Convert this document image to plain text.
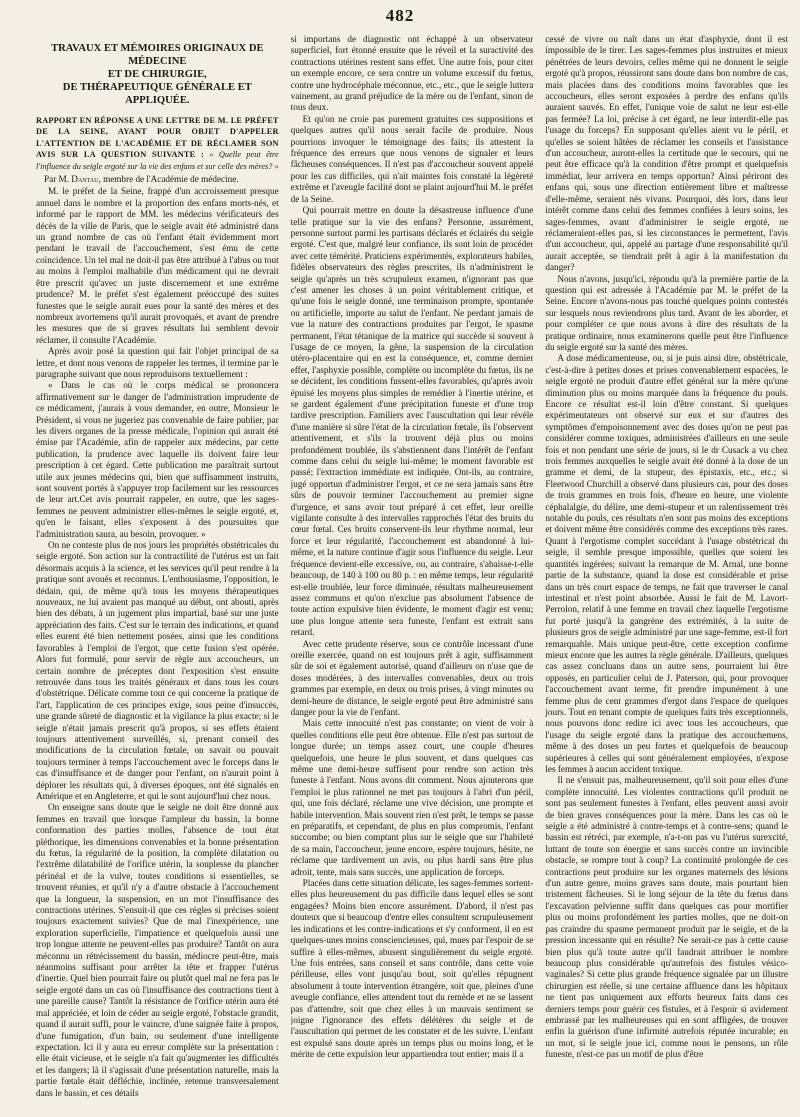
482
TRAVAUX ET MÉMOIRES ORIGINAUX DE MÉDECINE
ET DE CHIRURGIE,
DE THÉRAPEUTIQUE GÉNÉRALE ET APPLIQUÉE.

RAPPORT EN RÉPONSE A UNE LETTRE DE M. LE PRÉFET DE LA SEINE, AYANT POUR OBJET D'APPELER L'ATTENTION DE L'ACADÉMIE ET DE RÉCLAMER SON AVIS SUR LA QUESTION SUIVANTE : « Quelle peut être l'influence du seigle ergoté sur la vie des enfans et sur celle des mères? »

Par M. Dantau, membre de l'Académie de médecine.

M. le préfet de la Seine, frappé d'un accroissement presque annuel dans le nombre et la proportion des enfans morts-nés, et informé par le rapport de MM. les médecins vérificateurs des décès de la ville de Paris, que le seigle avait été administré dans un grand nombre de cas où l'enfant était évidemment mort pendant le travail de l'accouchement, s'est ému de cette coïncidence. Un tel mal ne doit-il pas être attribué à l'abus ou tout au moins à l'emploi malhabile d'un médicament qui ne devrait être prescrit qu'avec un juste discernement et une extrême prudence? M. le préfet s'est également préoccupé des suites funestes que le seigle aurait eues pour la santé des mères et des nombreux avortemens qu'il aurait provoqués, et avant de prendre les mesures que de si graves résultats lui semblent devoir réclamer, il consulte l'Académie.

Après avoir posé la question qui fait l'objet principal de sa lettre, et dont nous venons de rappeler les termes, il termine par le paragraphe suivant que nous reproduisons textuellement :

« Dans le cas où le corps médical se prononcera affirmativement sur le danger de l'administration imprudente de ce médicament, j'aurais à vous demander, en outre, Monsieur le Président, si vous ne jugeriez pas convenable de faire publier, par les divers organes de la presse médicale, l'opinion qui aurait été émise par l'Académie, afin de rappeler aux médecins, par cette publication, la prudence avec laquelle ils doivent faire leur prescription à cet égard. Cette publication me paraîtrait surtout utile aux jeunes médecins qui, bien que suffisamment instruits, sont souvent portés à s'appuyer trop facilement sur les ressources de leur art.Cet avis pourrait rappeler, en outre, que les sages-femmes ne peuvent administrer elles-mêmes le seigle ergoté, et, qu'en le faisant, elles s'exposent à des poursuites que l'administration saura, au besoin, provoquer. »

On ne conteste plus de nos jours les propriétés obstétricales du seigle ergoté. Son action sur la contractilité de l'utérus est un fait désormais acquis à la science, et les services qu'il peut rendre à la pratique sont avoués et reconnus. L'enthousiasme, l'opposition, le dédain, qui, de même qu'à tous les moyens thérapeutiques nouveaux, ne lui avaient pas manqué au début, ont abouti, après bien des débats, à un jugement plus impartial, basé sur une juste appréciation des faits. C'est sur le terrain des indications, et quand elles eurent été bien nettement posées, ainsi que les conditions favorables à l'emploi de l'ergot, que cette fusion s'est opérée. Alors fut formulé, pour servir de règle aux accoucheurs, un certain nombre de préceptes dont l'exposition s'est ensuite retrouvée dans tous les traités généraux et dans tous les cours d'obstétrique. Délicate comme tout ce qui concerne la pratique de l'art, l'application de ces principes exige, sous peine d'insuccès, une grande sûreté de diagnostic et la vigilance la plus exacte; si le seigle n'était jamais prescrit qu'à propos, si ses effets étaient toujours attentivement surveillés, si, prenant conseil des modifications de la circulation fœtale, on savait ou pouvait toujours terminer à temps l'accouchement avec le forceps dans le cas d'insuffisance et de danger pour l'enfant, on n'aurait point à déplorer les résultats qui, à diverses époques, ont été signalés en Amérique et en Angleterre, et qui le sont aujourd'hui chez nous.

On enseigne sans doute que le seigle ne doit être donné aux femmes en travail que lorsque l'ampleur du bassin, la bonne conformation des parties molles, l'absence de tout état pléthorique, les dimensions convenables et la bonne présentation du fœtus, la régularité de la position, la complète dilatation ou l'extrême dilatabilité de l'orifice utérin, la souplesse du plancher périnéal et de la vulve, toutes conditions si essentielles, se trouvent réunies, et qu'il n'y a d'autre obstacle à l'accouchement que la longueur, la suspension, en un mot l'insuffisance des contractions utérines. S'ensuit-il que ces règles si précises soient toujours exactement suivies? Que de mal l'inexpérience, une exploration superficielle, l'impatience et quelquefois aussi une trop longue attente ne peuvent-elles pas produire? Tantôt on aura méconnu un rétrécissement du bassin, médiocre peut-être, mais néanmoins suffisant pour arrêter la tête et frapper l'utérus d'inertie. Quel bien pourrait faire ou plutôt quel mal ne fera pas le seigle ergoté dans un cas où l'insuffisance des contractions tient à une pareille cause? Tantôt la résistance de l'orifice utérin aura été mal appréciée, et loin de céder au seigle ergoté, l'obstacle grandit, quand il aurait suffi, pour le vaincre, d'une saignée faite à propos, d'une fumigation, d'un bain, ou seulement d'une intelligente expectation. Ici il y aura eu erreur complète sur la présentation : elle était vicieuse, et le seigle n'a fait qu'augmenter les difficultés et les dangers; là il s'agissait d'une présentation naturelle, mais la partie fœtale était défléchie, inclinée, retenue transversalement dans le bassin, et ces détails

si importans de diagnostic ont échappé à un observateur superficiel, fort étonné ensuite que le réveil et la suractivité des contractions utérines restent sans effet. Une autre fois, pour citer un exemple encore, ce sera contre un volume excessif du fœtus, contre une hydrocéphale méconnue, etc., etc., que le seigle luttera vainement, au grand préjudice de la mère ou de l'enfant, sinon de tous deux.

Et qu'on ne croie pas purement gratuites ces suppositions et quelques autres qu'il nous serait facile de produire. Nous pourrions invoquer le témoignage des faits; ils attestent la fréquence des erreurs que nous venons de signaler et leurs fâcheuses conséquences. Il n'est pas d'accoucheur souvent appelé pour les cas difficiles, qui n'ait maintes fois constaté la légèreté extrême et l'aveugle facilité dont se plaint aujourd'hui M. le préfet de la Seine.

Qui pourrait mettre en doute la désastreuse influence d'une telle pratique sur la vie des enfans? Personne, assurément, personne surtout parmi les partisans déclarés et éclairés du seigle ergoté. C'est que, malgré leur confiance, ils sont loin de procéder avec cette témérité. Praticiens expérimentés, explorateurs habiles, fidèles observateurs des règles prescrites, ils n'administrent le seigle qu'après un très scrupuleux examen, n'ignorant pas que c'est amener les choses à un point véritablement critique, et qu'une fois le seigle donné, une terminaison prompte, spontanée ou artificielle, importe au salut de l'enfant. Ne perdant jamais de vue la nature des contractions produites par l'ergot, le spasme permanent, l'état tétanique de la matrice qui succède si souvent à l'usage de ce moyen, la gêne, la suspension de la circulation utéro-placentaire qui en est la conséquence, et, comme dernier effet, l'asphyxie possible, complète ou incomplète du fœtus, ils ne se décident, les conditions fussent-elles favorables, qu'après avoir épuisé les moyens plus simples de remédier à l'inertie utérine, et se gardent également d'une précipitation funeste et d'une trop tardive prescription. Familiers avec l'auscultation qui leur révèle d'une manière si sûre l'état de la circulation fœtale, ils l'observent attentivement, et s'ils la trouvent déjà plus ou moins profondément troublée, ils s'abstiennent dans l'intérêt de l'enfant comme dans celui du seigle lui-même; le moment favorable est passé; l'extraction immédiate est indiquée. Ont-ils, au contraire, jugé opportun d'administrer l'ergot, et ce ne sera jamais sans être sûrs de pouvoir terminer l'accouchement au premier signe d'urgence, et sans avoir tout préparé à cet effet, leur oreille vigilante consulte à des intervalles rapprochés l'état des bruits du cœur fœtal. Ces bruits conservent-ils leur rhythme normal, leur force et leur régularité, l'accouchement est abandonné à lui-même, et la nature continue d'agir sous l'influence du seigle. Leur fréquence devient-elle excessive, ou, au contraire, s'abaisse-t-elle beaucoup, de 140 à 100 ou 80 p. : en même temps, leur régularité est-elle troublée, leur force diminuée, résultats malheureusement assez communs et qu'on n'exclue pas absolument l'absence de toute action expulsive bien évidente, le moment d'agir est venu; une plus longue attente sera funeste, l'enfant est extrait sans retard.

Avec cette prudente réserve, sous ce contrôle incessant d'une oreille exercée, quand on est toujours prêt à agir, suffisamment sûr de soi et également autorisé, quand d'ailleurs on n'use que de doses modérées, à des intervalles convenables, deux ou trois grammes par exemple, en deux ou trois prises, à vingt minutes ou demi-heure de distance, le seigle ergoté peut être administré sans danger pour la vie de l'enfant.

Mais cette innocuité n'est pas constante; on vient de voir à quelles conditions elle peut être obtenue. Elle n'est pas surtout de longue durée; un temps assez court, une couple d'heures quelquefois, une heure le plus souvent, et dans quelques cas même une demi-heure suffisent pour rendre son action très funeste à l'enfant. Nous avons dit comment. Nous ajouterons que l'emploi le plus rationnel ne met pas toujours à l'abri d'un péril, qui, une fois déclaré, réclame une vive décision, une prompte et habile intervention. Mais souvent rien n'est prêt, le temps se passe en préparatifs, et cependant, de plus en plus compromis, l'enfant succombe; ou bien comptant plus sur le seigle que sur l'habileté de sa main, l'accoucheur, jeune encore, espère toujours, hésite, ne réclame que tardivement un avis, ou plus hardi sans être plus adroit, tente, mais sans succès, une application de forceps.

Placées dans cette situation délicate, les sages-femmes sortent-elles plus heureusement du pas difficile dans lequel elles se sont engagées? Moins bien encore assurément. D'abord, il n'est pas douteux que si beaucoup d'entre elles consultent scrupuleusement les indications et les contre-indications et s'y conforment, il en est quelques-unes moins consciencieuses, qui, mues par l'espoir de se suffire à elles-mêmes, abusent singulièrement du seigle ergoté. Une fois entrées, sans conseil et sans contrôle, dans cette voie périlleuse, elles vont jusqu'au bout, soit qu'elles répugnent absolument à toute intervention étrangère, soit que, pleines d'une aveugle confiance, elles attendent tout du remède et ne se lassent pas d'attendre, soit que chez elles à un mauvais sentiment se joigne l'ignorance des effets délétères du seigle et de l'auscultation qui permet de les constater et de les suivre. L'enfant est expulsé sans doute après un temps plus ou moins long, et le mérite de cette expulsion leur appartiendra tout entier; mais il a

cessé de vivre ou naît dans un état d'asphyxie, dont il est impossible de le tirer. Les sages-femmes plus instruites et mieux pénétrées de leurs devoirs, celles même qui ne donnent le seigle ergoté qu'à propos, réussiront sans doute dans bon nombre de cas, mais placées dans des conditions moins favorables que les accoucheurs, elles seront exposées à perdre des enfans qu'ils auraient sauvés. En effet, l'unique voie de salut ne leur est-elle pas fermée? La loi, précise à cet égard, ne leur interdit-elle pas l'usage du forceps? En supposant qu'elles aient vu le péril, et qu'elles se soient hâtées de réclamer les conseils et l'assistance d'un accoucheur, auront-elles la certitude que le secours, qui ne peut être efficace qu'à la condition d'être prompt et quelquefois immédiat, leur arrivera en temps opportun? Ainsi périront des enfans qui, sous une direction entièrement libre et maîtresse d'elle-même, seraient nés vivans. Pourquoi, dès lors, dans leur intérêt comme dans celui des femmes confiées à leurs soins, les sages-femmes, avant d'administrer le seigle ergoté, ne réclameraient-elles pas, si les circonstances le permettent, l'avis d'un accoucheur, qui, appelé au partage d'une responsabilité qu'il aurait acceptée, se tiendrait prêt à agir à la manifestation du danger?

Nous n'avons, jusqu'ici, répondu qu'à la première partie de la question qui est adressée à l'Académie par M. le préfet de la Seine. Encore n'avons-nous pas touché quelques points contestés sur lesquels nous reviendrons plus tard. Avant de les aborder, et pour compléter ce que nous avons à dire des résultats de la pratique ordinaire, nous examinerons quelle peut être l'influence du seigle ergoté sur la santé des mères.

A dose médicamenteuse, ou, si je puis ainsi dire, obstétricale, c'est-à-dire à petites doses et prises convenablement espacées, le seigle ergoté ne produit d'autre effet général sur la mère qu'une diminution plus ou moins marquée dans la fréquence du pouls. Encore ce résultat est-il loin d'être constant. Si quelques expérimentateurs ont observé sur eux et sur d'autres des symptômes d'empoisonnement avec des doses qu'on ne peut pas considérer comme toxiques, administrées d'ailleurs en une seule fois et non pendant une série de jours, si le dr Cusack a vu chez trois femmes auxquelles le seigle avait été donné à la dose de un gramme et demi, de la stupeur, des épistaxis, etc., etc.; si Fleetwood Churchill a observé dans plusieurs cas, pour des doses de trois grammes en trois fois, d'heure en heure, une violente céphalalgie, du délire, une demi-stupeur et un ralentissement très notable du pouls, ces résultats n'en sont pas moins des exceptions et doivent même être considérés comme des exceptions très rares. Quant à l'ergotisme complet succédant à l'usage obstétrical du seigle, il semble presque impossible, quelles que soient les quantités ingérées; suivant la remarque de M. Arnal, une bonne partie de la substance, quand la dose est considérable et prise dans un très court espace de temps, ne fait que traverser le canal intestinal et n'est point absorbée. Aussi le fait de M. Lavort-Perrolon, relatif à une femme en travail chez laquelle l'ergotisme fut porté jusqu'à la gangrène des extrémités, à la suite de plusieurs gros de seigle administré par une sage-femme, est-il fort remarquable. Mais unique peut-être, cette exception confirme mieux encore que les autres la règle générale. D'ailleurs, quelques cas assez concluans dans un autre sens, pourraient lui être opposés, en particulier celui de J. Paterson, qui, pour provoquer l'accouchement avant terme, fit prendre impunément à une femme plus de cent grammes d'ergot dans l'espace de quelques jours. Tout en tenant compte de quelques faits très exceptionnels, nous pouvons donc redire ici avec tous les accoucheurs, que l'usage du seigle ergoté dans la pratique des accouchemens, même à des doses un peu fortes et quelquefois de beaucoup supérieures à celles qui sont généralement employées, n'expose les femmes à aucun accident toxique.

Il ne s'ensuit pas, malheureusement, qu'il soit pour elles d'une complète innocuité. Les violentes contractions qu'il produit ne sont pas seulement funestes à l'enfant, elles peuvent aussi avoir de bien graves conséquences pour la mère. Dans les cas où le seigle a été administré à contre-temps et à contre-sens; quand le bassin est rétréci, par exemple, n'a-t-on pas vu l'utérus surexcité, luttant de toute son énergie et sans succès contre un invincible obstacle, se rompre tout à coup? La continuité prolongée de ces contractions peut produire sur les organes maternels des lésions d'un autre genre, moins graves sans doute, mais pourtant bien tristement fâcheuses. Si le long séjour de la tête du fœtus dans l'excavation pelvienne suffit dans quelques cas pour mortifier plus ou moins profondément les parties molles, que ne doit-on pas craindre du spasme permanent produit par le seigle, et de la pression incessante qui en résulte? Ne serait-ce pas à cette cause bien plus qu'à toute autre qu'il faudrait attribuer le nombre beaucoup plus considérable qu'autrefois des fistules vésico-vaginales? Si cette plus grande fréquence signalée par un illustre chirurgien est réelle, si une certaine affluence dans les hôpitaux ne tient pas uniquement aux efforts heureux faits dans ces derniers temps pour guérir ces fistules, et à l'espoir si avidement embrassé par les malheureuses qui en sont affligées, de trouver enfin la guérison d'une infirmité autrefois réputée incurable; en un mot, si le seigle joue ici, comme nous le pensons, un rôle funeste, n'est-ce pas un motif de plus d'être
